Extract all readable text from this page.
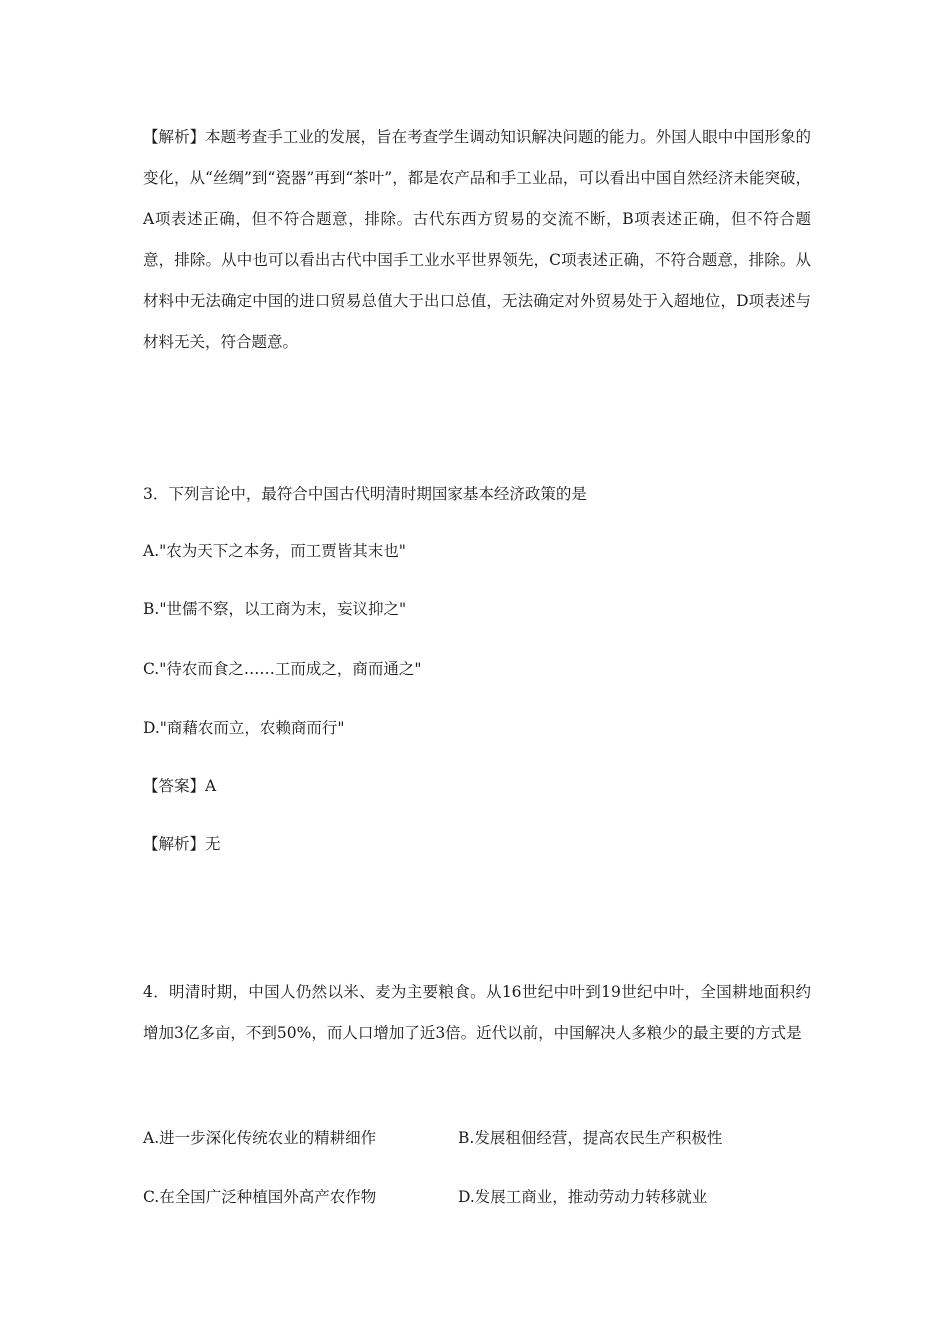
【解析】本题考查手工业的发展，旨在考查学生调动知识解决问题的能力。外国人眼中中国形象的变化，从“丝绸”到“瓷器”再到“茶叶”，都是农产品和手工业品，可以看出中国自然经济未能突破，A项表述正确，但不符合题意，排除。古代东西方贸易的交流不断，B项表述正确，但不符合题意，排除。从中也可以看出古代中国手工业水平世界领先，C项表述正确，不符合题意，排除。从材料中无法确定中国的进口贸易总值大于出口总值，无法确定对外贸易处于入超地位，D项表述与材料无关，符合题意。

3．下列言论中，最符合中国古代明清时期国家基本经济政策的是

A."农为天下之本务，而工贾皆其末也"

B."世儒不察，以工商为末，妄议抑之"

C."待农而食之……工而成之，商而通之"

D."商藉农而立，农赖商而行"

【答案】A

【解析】无

4．明清时期，中国人仍然以米、麦为主要粮食。从16世纪中叶到19世纪中叶，全国耕地面积约增加3亿多亩，不到50%，而人口增加了近3倍。近代以前，中国解决人多粮少的最主要的方式是

A.进一步深化传统农业的精耕细作	B.发展租佃经营，提高农民生产积极性

C.在全国广泛种植国外高产农作物	D.发展工商业，推动劳动力转移就业
